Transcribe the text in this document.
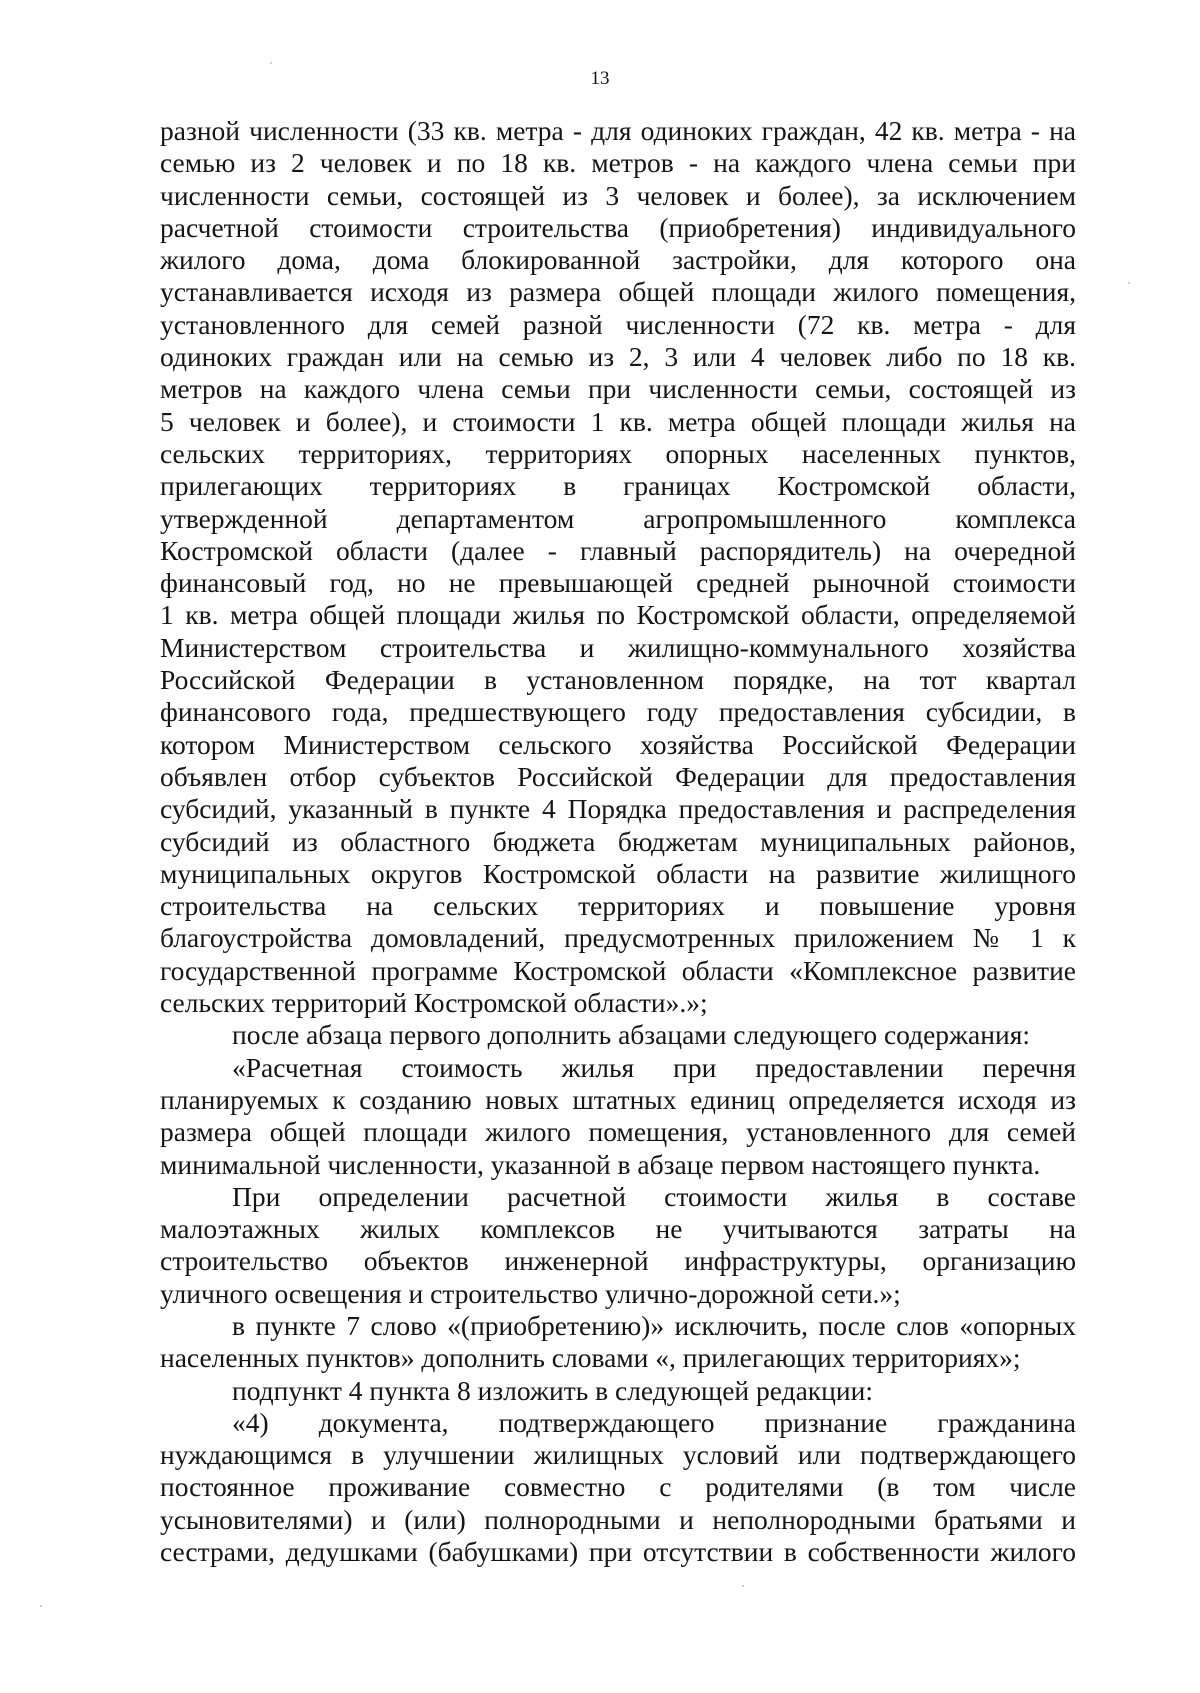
13
разной численности (33 кв. метра - для одиноких граждан, 42 кв. метра - на
семью из 2 человек и по 18 кв. метров - на каждого члена семьи при
численности семьи, состоящей из 3 человек и более), за исключением
расчетной стоимости строительства (приобретения) индивидуального
жилого дома, дома блокированной застройки, для которого она
устанавливается исходя из размера общей площади жилого помещения,
установленного для семей разной численности (72 кв. метра - для
одиноких граждан или на семью из 2, 3 или 4 человек либо по 18 кв.
метров на каждого члена семьи при численности семьи, состоящей из
5 человек и более), и стоимости 1 кв. метра общей площади жилья на
сельских территориях, территориях опорных населенных пунктов,
прилегающих территориях в границах Костромской области,
утвержденной департаментом агропромышленного комплекса
Костромской области (далее - главный распорядитель) на очередной
финансовый год, но не превышающей средней рыночной стоимости
1 кв. метра общей площади жилья по Костромской области, определяемой
Министерством строительства и жилищно-коммунального хозяйства
Российской Федерации в установленном порядке, на тот квартал
финансового года, предшествующего году предоставления субсидии, в
котором Министерством сельского хозяйства Российской Федерации
объявлен отбор субъектов Российской Федерации для предоставления
субсидий, указанный в пункте 4 Порядка предоставления и распределения
субсидий из областного бюджета бюджетам муниципальных районов,
муниципальных округов Костромской области на развитие жилищного
строительства на сельских территориях и повышение уровня
благоустройства домовладений, предусмотренных приложением № 1 к
государственной программе Костромской области «Комплексное развитие
сельских территорий Костромской области».»;
после абзаца первого дополнить абзацами следующего содержания:
«Расчетная стоимость жилья при предоставлении перечня
планируемых к созданию новых штатных единиц определяется исходя из
размера общей площади жилого помещения, установленного для семей
минимальной численности, указанной в абзаце первом настоящего пункта.
При определении расчетной стоимости жилья в составе
малоэтажных жилых комплексов не учитываются затраты на
строительство объектов инженерной инфраструктуры, организацию
уличного освещения и строительство улично-дорожной сети.»;
в пункте 7 слово «(приобретению)» исключить, после слов «опорных
населенных пунктов» дополнить словами «, прилегающих территориях»;
подпункт 4 пункта 8 изложить в следующей редакции:
«4) документа, подтверждающего признание гражданина
нуждающимся в улучшении жилищных условий или подтверждающего
постоянное проживание совместно с родителями (в том числе
усыновителями) и (или) полнородными и неполнородными братьями и
сестрами, дедушками (бабушками) при отсутствии в собственности жилого
